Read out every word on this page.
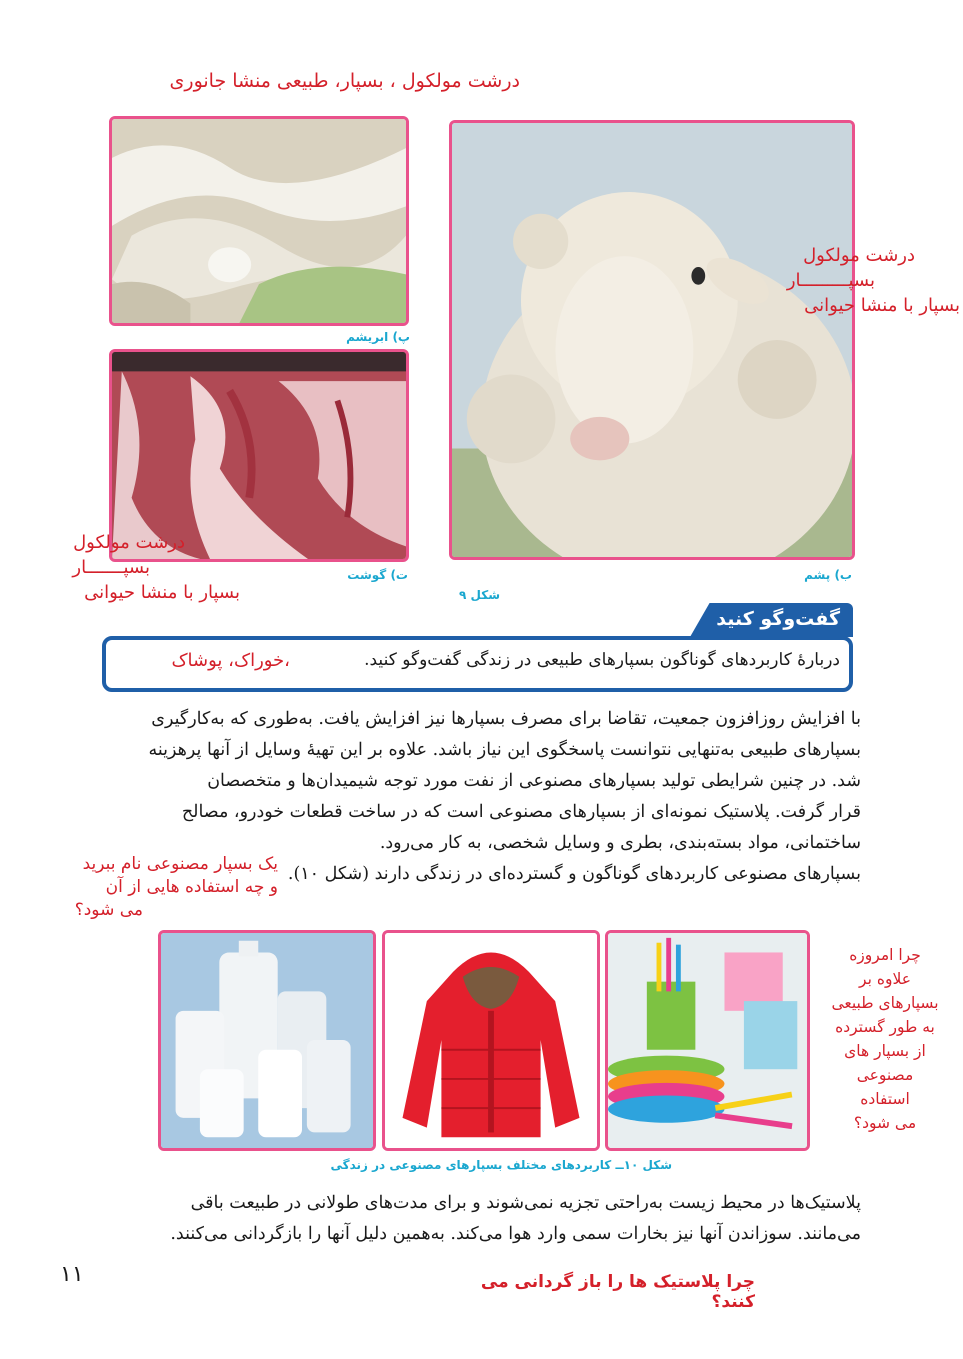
درشت مولکول ، بسپار، طبیعی منشا جانوری
پ) ابریشم
ت) گوشت	ب) پشم
شکل ۹
درشت مولکول
بسپـــــــــار
بسپار با منشا حیوانی
درشت مولکول
بسپـــــــار
بسپار با منشا حیوانی
گفت‌وگو کنید
دربارهٔ کاربردهای گوناگون بسپارهای طبیعی در زندگی گفت‌وگو کنید.
،خوراک، پوشاک
با افزایش روزافزون جمعیت، تقاضا برای مصرف بسپارها نیز افزایش یافت. به‌طوری که به‌کارگیری
بسپارهای طبیعی به‌تنهایی نتوانست پاسخگوی این نیاز باشد. علاوه بر این تهیهٔ وسایل از آنها پرهزینه
شد. در چنین شرایطی تولید بسپارهای مصنوعی از نفت مورد توجه شیمیدان‌ها و متخصصان
قرار گرفت. پلاستیک نمونه‌ای از بسپارهای مصنوعی است که در ساخت قطعات خودرو، مصالح
ساختمانی، مواد بسته‌بندی، بطری و وسایل شخصی، به کار می‌رود.
بسپارهای مصنوعی کاربردهای گوناگون و گسترده‌ای در زندگی دارند (شکل ۱۰).
یک بسپار مصنوعی نام ببرید
و چه استفاده هایی از آن
می شود؟
شکل ۱۰ــ کاربردهای مختلف بسپارهای مصنوعی در زندگی
چرا امروزه
علاوه بر
بسپارهای طبیعی
به طور گسترده
از بسپار های
مصنوعی
استفاده
می شود؟
پلاستیک‌ها در محیط زیست به‌راحتی تجزیه نمی‌شوند و برای مدت‌های طولانی در طبیعت باقی
می‌مانند. سوزاندن آنها نیز بخارات سمی وارد هوا می‌کند. به‌همین دلیل آنها را بازگردانی می‌کنند.
۱۱	چرا پلاستیک ها را باز گردانی می کنند؟
